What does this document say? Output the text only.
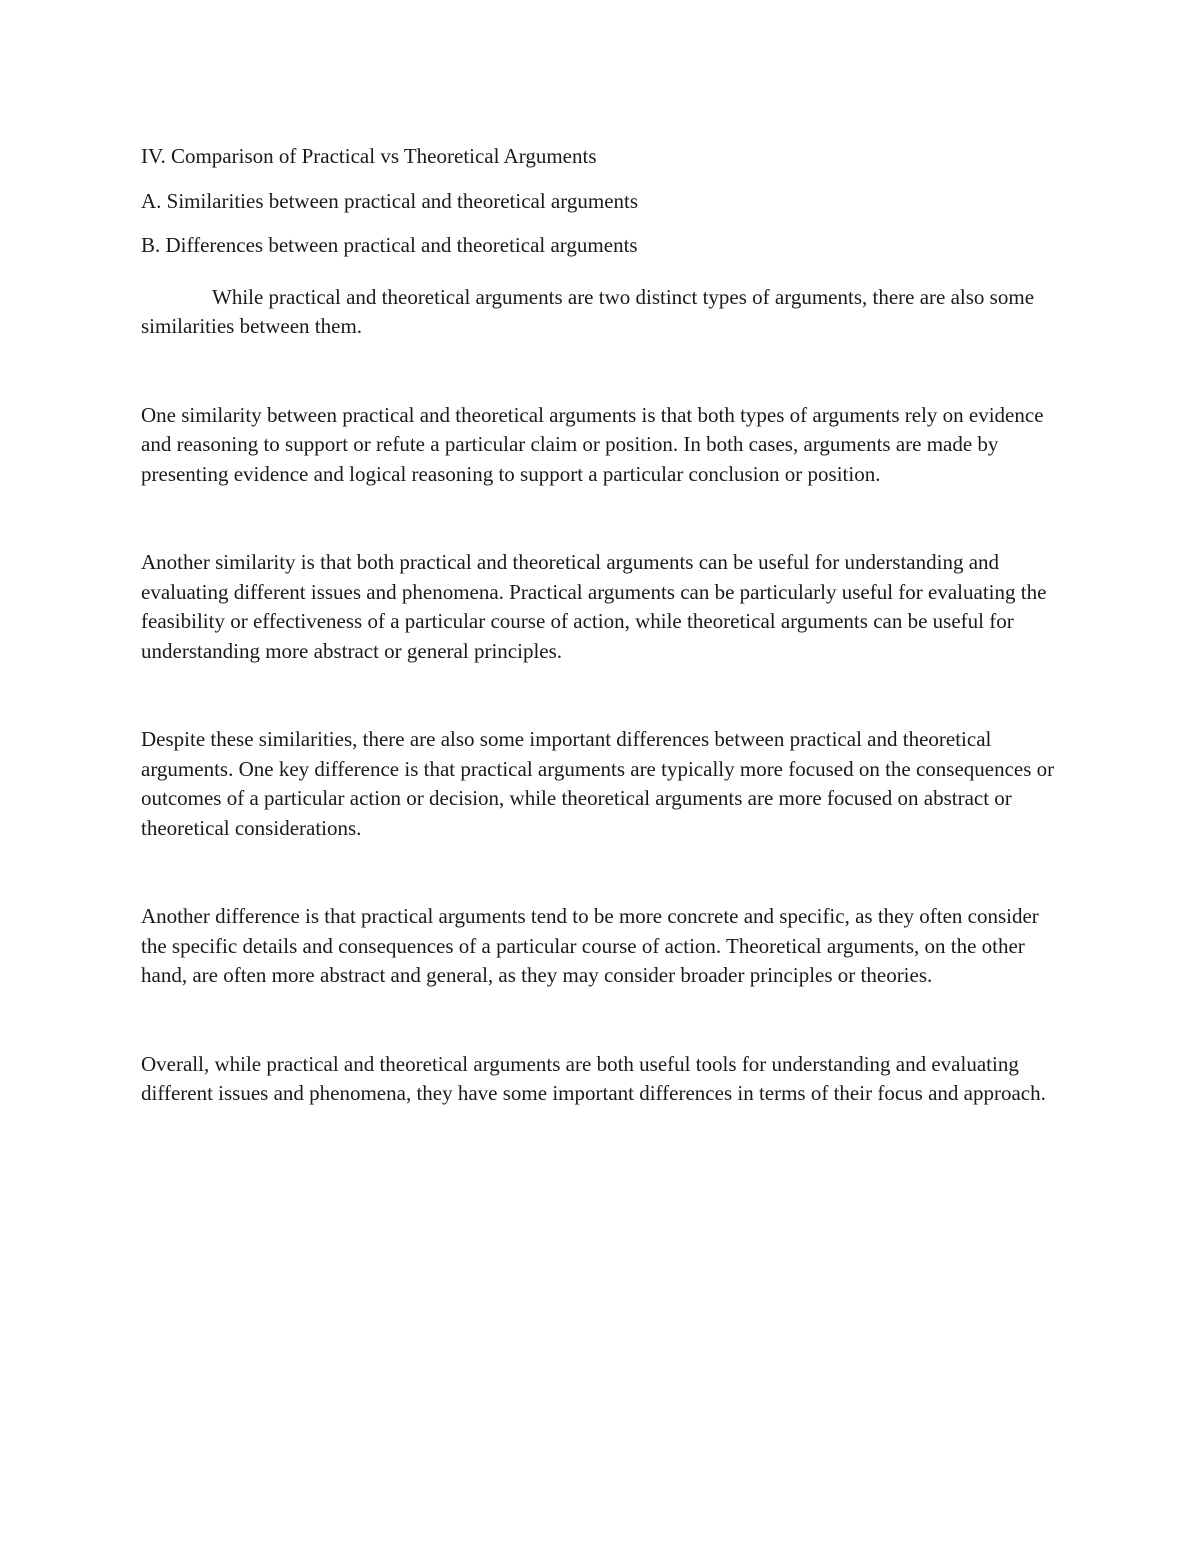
IV. Comparison of Practical vs Theoretical Arguments

A. Similarities between practical and theoretical arguments

B. Differences between practical and theoretical arguments

While practical and theoretical arguments are two distinct types of arguments, there are also some similarities between them.

One similarity between practical and theoretical arguments is that both types of arguments rely on evidence and reasoning to support or refute a particular claim or position. In both cases, arguments are made by presenting evidence and logical reasoning to support a particular conclusion or position.

Another similarity is that both practical and theoretical arguments can be useful for understanding and evaluating different issues and phenomena. Practical arguments can be particularly useful for evaluating the feasibility or effectiveness of a particular course of action, while theoretical arguments can be useful for understanding more abstract or general principles.

Despite these similarities, there are also some important differences between practical and theoretical arguments. One key difference is that practical arguments are typically more focused on the consequences or outcomes of a particular action or decision, while theoretical arguments are more focused on abstract or theoretical considerations.

Another difference is that practical arguments tend to be more concrete and specific, as they often consider the specific details and consequences of a particular course of action. Theoretical arguments, on the other hand, are often more abstract and general, as they may consider broader principles or theories.

Overall, while practical and theoretical arguments are both useful tools for understanding and evaluating different issues and phenomena, they have some important differences in terms of their focus and approach.
